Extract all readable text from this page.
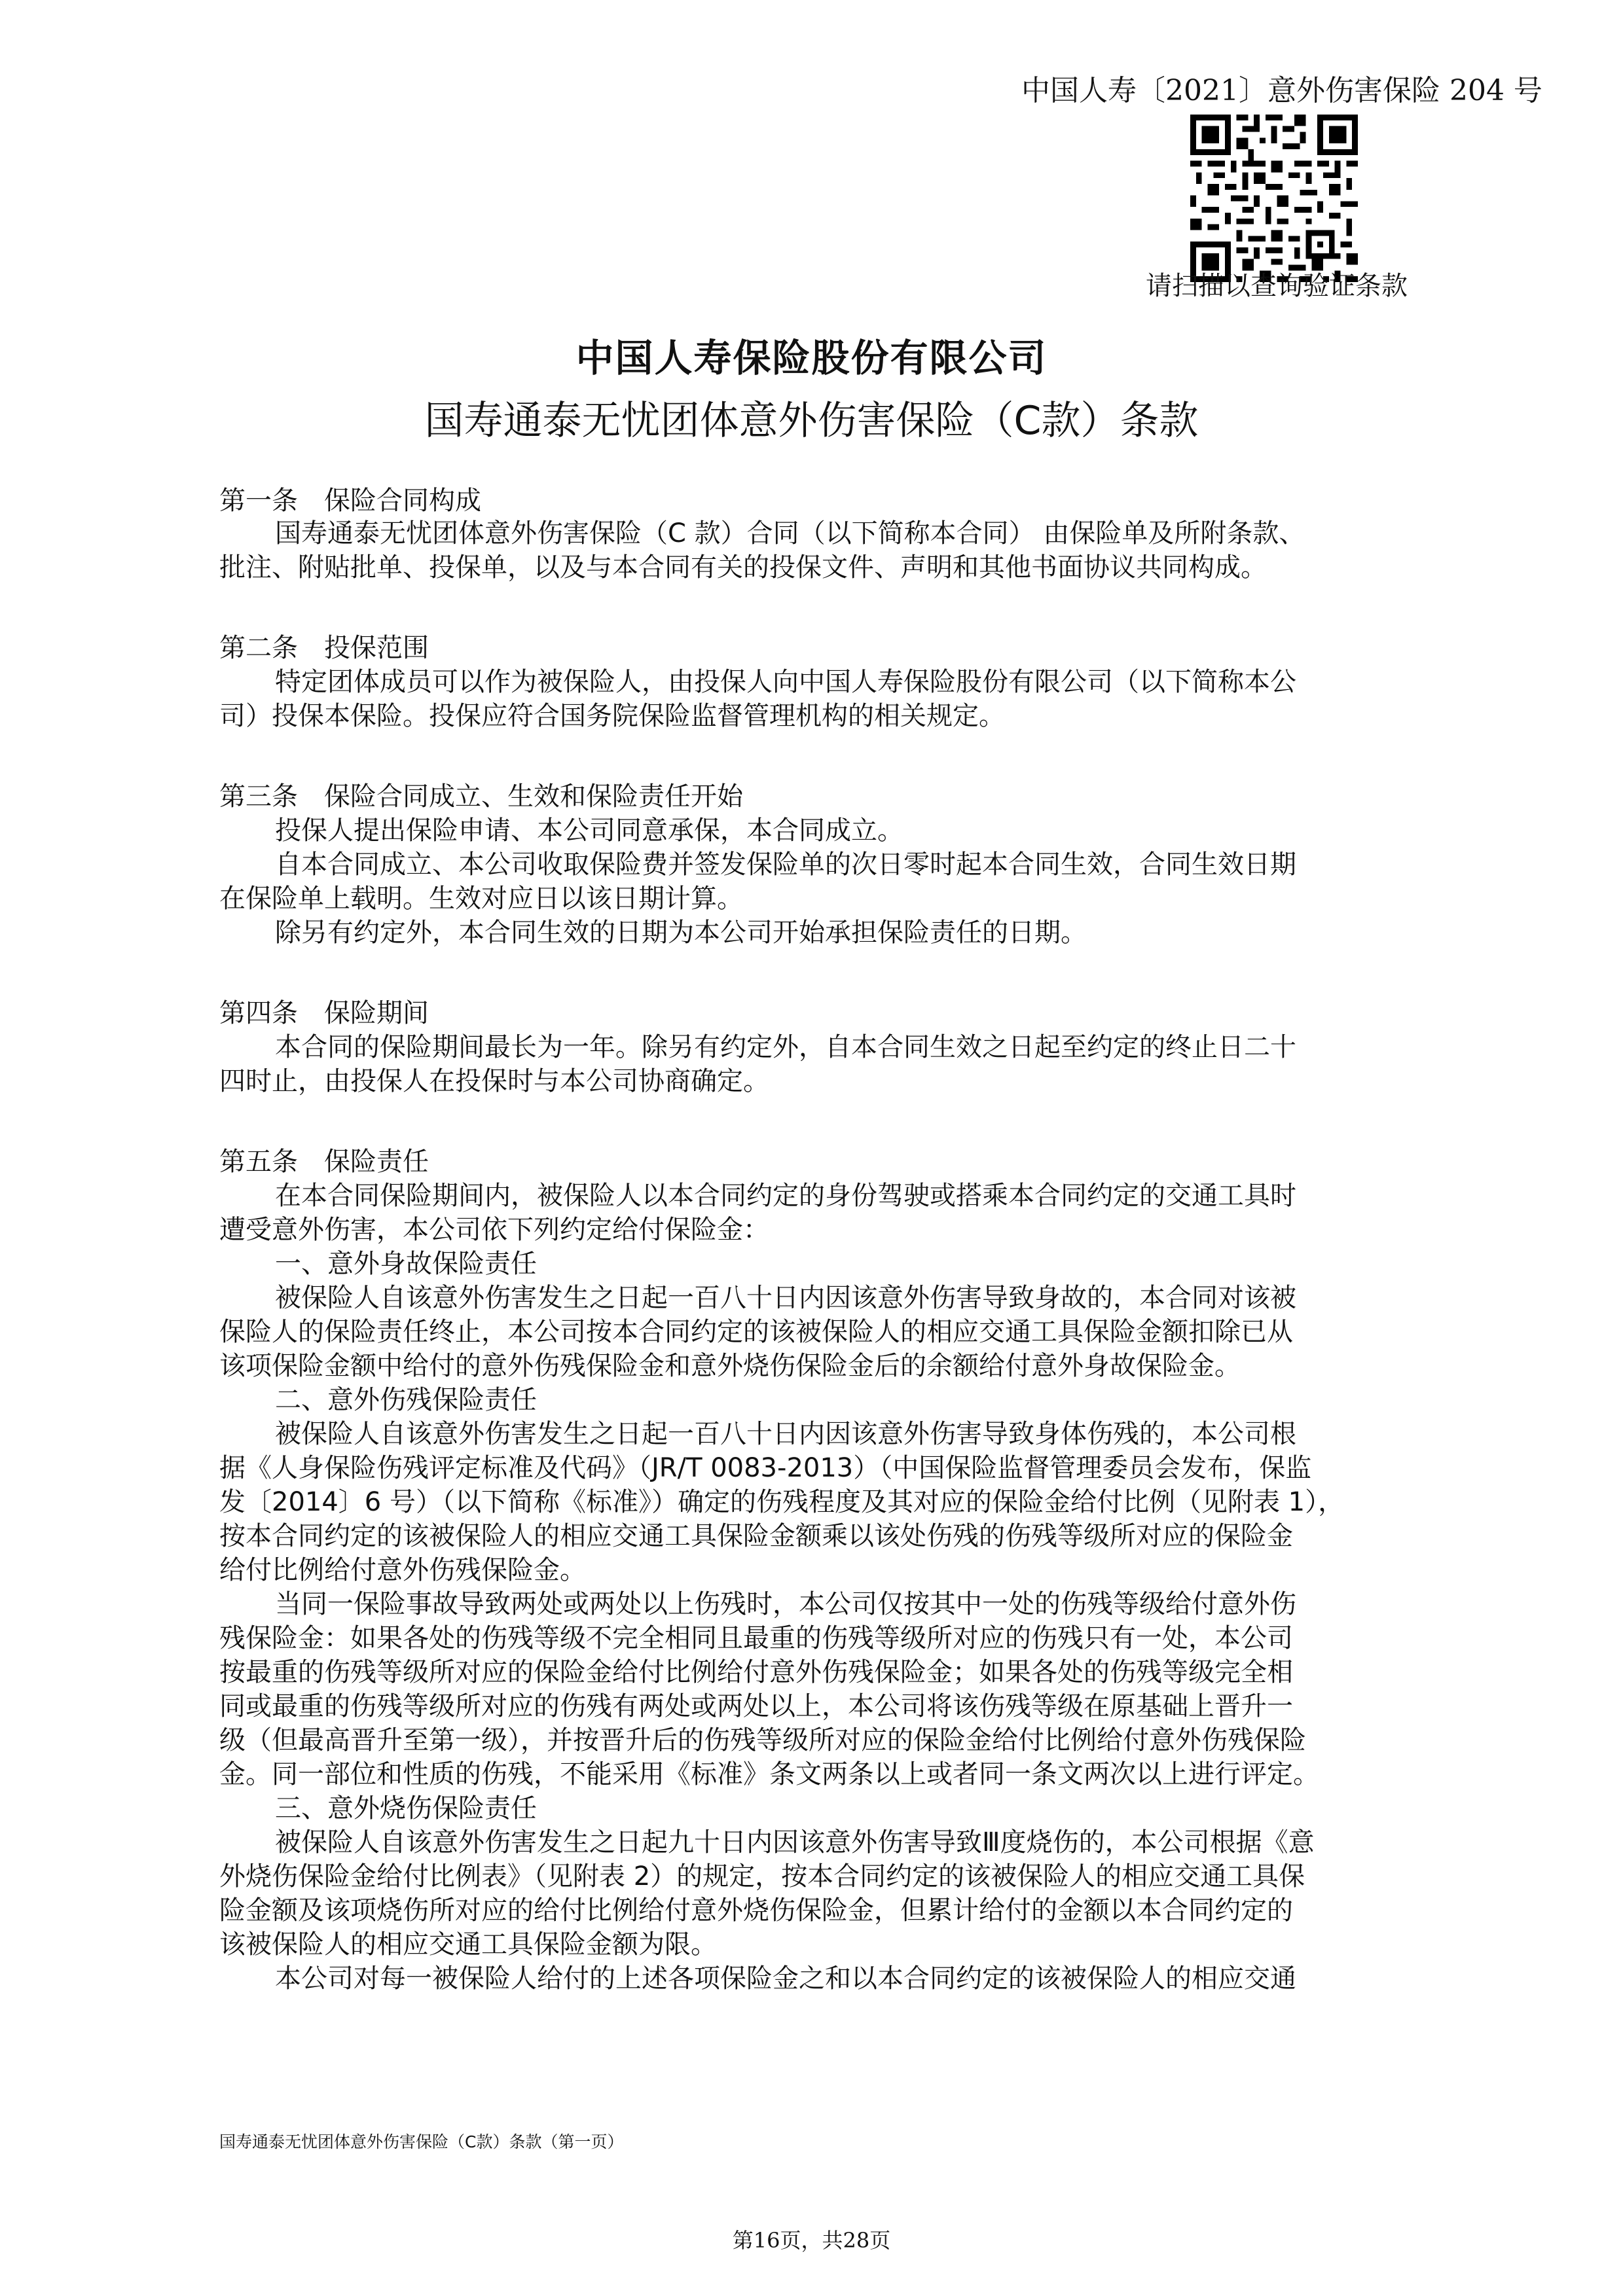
中国人寿〔2021〕意外伤害保险 204 号
请扫描以查询验证条款
中国人寿保险股份有限公司
国寿通泰无忧团体意外伤害保险（C款）条款
第一条　保险合同构成
国寿通泰无忧团体意外伤害保险（C 款）合同（以下简称本合同） 由保险单及所附条款、
批注、附贴批单、投保单，以及与本合同有关的投保文件、声明和其他书面协议共同构成。
第二条　投保范围
特定团体成员可以作为被保险人，由投保人向中国人寿保险股份有限公司（以下简称本公
司）投保本保险。投保应符合国务院保险监督管理机构的相关规定。
第三条　保险合同成立、生效和保险责任开始
投保人提出保险申请、本公司同意承保，本合同成立。
自本合同成立、本公司收取保险费并签发保险单的次日零时起本合同生效，合同生效日期
在保险单上载明。生效对应日以该日期计算。
除另有约定外，本合同生效的日期为本公司开始承担保险责任的日期。
第四条　保险期间
本合同的保险期间最长为一年。除另有约定外，自本合同生效之日起至约定的终止日二十
四时止，由投保人在投保时与本公司协商确定。
第五条　保险责任
在本合同保险期间内，被保险人以本合同约定的身份驾驶或搭乘本合同约定的交通工具时
遭受意外伤害，本公司依下列约定给付保险金：
一、意外身故保险责任
被保险人自该意外伤害发生之日起一百八十日内因该意外伤害导致身故的，本合同对该被
保险人的保险责任终止，本公司按本合同约定的该被保险人的相应交通工具保险金额扣除已从
该项保险金额中给付的意外伤残保险金和意外烧伤保险金后的余额给付意外身故保险金。
二、意外伤残保险责任
被保险人自该意外伤害发生之日起一百八十日内因该意外伤害导致身体伤残的，本公司根
据《人身保险伤残评定标准及代码》（JR/T 0083-2013）（中国保险监督管理委员会发布，保监
发〔2014〕6 号）（以下简称《标准》）确定的伤残程度及其对应的保险金给付比例（见附表 1），
按本合同约定的该被保险人的相应交通工具保险金额乘以该处伤残的伤残等级所对应的保险金
给付比例给付意外伤残保险金。
当同一保险事故导致两处或两处以上伤残时，本公司仅按其中一处的伤残等级给付意外伤
残保险金：如果各处的伤残等级不完全相同且最重的伤残等级所对应的伤残只有一处，本公司
按最重的伤残等级所对应的保险金给付比例给付意外伤残保险金；如果各处的伤残等级完全相
同或最重的伤残等级所对应的伤残有两处或两处以上，本公司将该伤残等级在原基础上晋升一
级（但最高晋升至第一级），并按晋升后的伤残等级所对应的保险金给付比例给付意外伤残保险
金。同一部位和性质的伤残，不能采用《标准》条文两条以上或者同一条文两次以上进行评定。
三、意外烧伤保险责任
被保险人自该意外伤害发生之日起九十日内因该意外伤害导致Ⅲ度烧伤的，本公司根据《意
外烧伤保险金给付比例表》（见附表 2）的规定，按本合同约定的该被保险人的相应交通工具保
险金额及该项烧伤所对应的给付比例给付意外烧伤保险金，但累计给付的金额以本合同约定的
该被保险人的相应交通工具保险金额为限。
本公司对每一被保险人给付的上述各项保险金之和以本合同约定的该被保险人的相应交通
国寿通泰无忧团体意外伤害保险（C款）条款（第一页）
第16页，共28页
